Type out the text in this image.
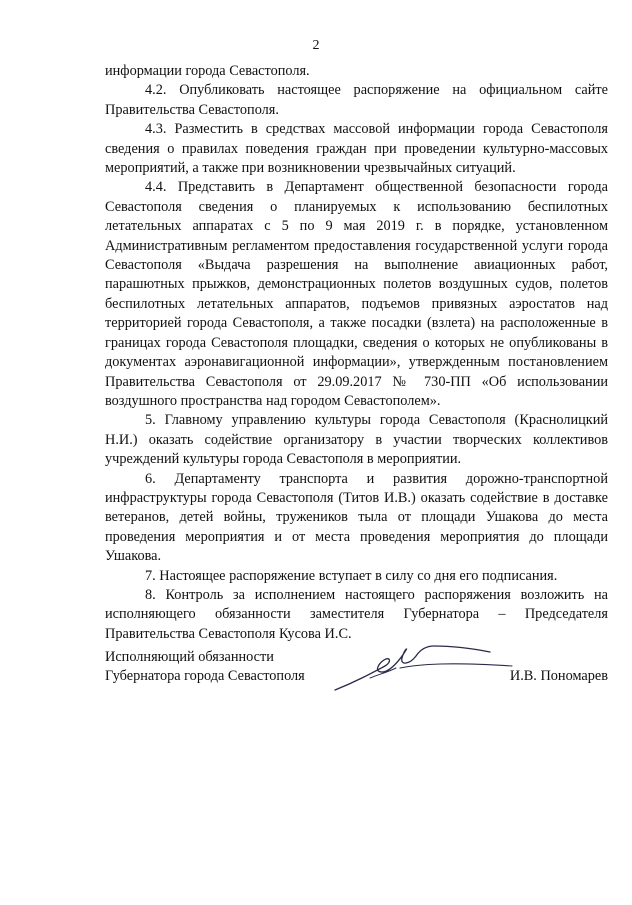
2

информации города Севастополя.

4.2. Опубликовать настоящее распоряжение на официальном сайте Правительства Севастополя.

4.3. Разместить в средствах массовой информации города Севастополя сведения о правилах поведения граждан при проведении культурно-массовых мероприятий, а также при возникновении чрезвычайных ситуаций.

4.4. Представить в Департамент общественной безопасности города Севастополя сведения о планируемых к использованию беспилотных летательных аппаратах с 5 по 9 мая 2019 г. в порядке, установленном Административным регламентом предоставления государственной услуги города Севастополя «Выдача разрешения на выполнение авиационных работ, парашютных прыжков, демонстрационных полетов воздушных судов, полетов беспилотных летательных аппаратов, подъемов привязных аэростатов над территорией города Севастополя, а также посадки (взлета) на расположенные в границах города Севастополя площадки, сведения о которых не опубликованы в документах аэронавигационной информации», утвержденным постановлением Правительства Севастополя от 29.09.2017 № 730-ПП «Об использовании воздушного пространства над городом Севастополем».

5. Главному управлению культуры города Севастополя (Краснолицкий Н.И.) оказать содействие организатору в участии творческих коллективов учреждений культуры города Севастополя в мероприятии.

6. Департаменту транспорта и развития дорожно-транспортной инфраструктуры города Севастополя (Титов И.В.) оказать содействие в доставке ветеранов, детей войны, тружеников тыла от площади Ушакова до места проведения мероприятия и от места проведения мероприятия до площади Ушакова.

7. Настоящее распоряжение вступает в силу со дня его подписания.

8. Контроль за исполнением настоящего распоряжения возложить на исполняющего обязанности заместителя Губернатора – Председателя Правительства Севастополя Кусова И.С.

Исполняющий обязанности
Губернатора города Севастополя	И.В. Пономарев
